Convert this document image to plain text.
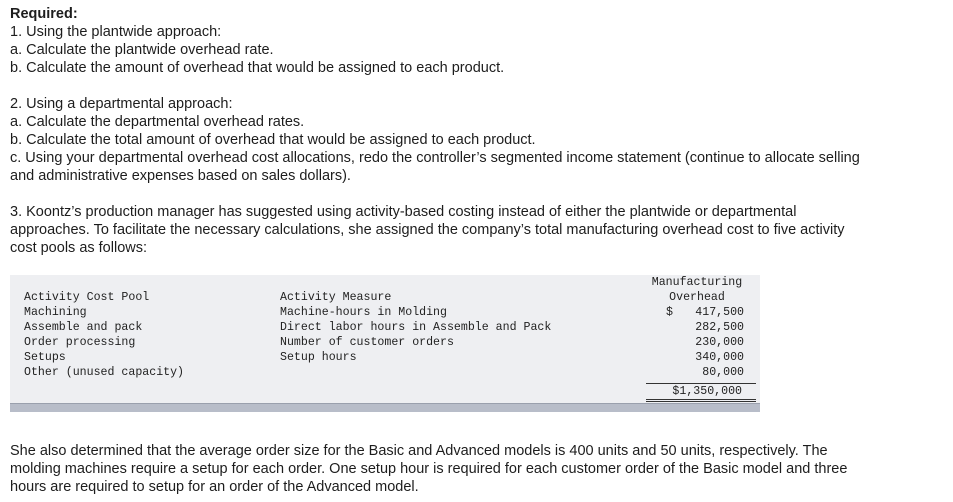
Required:
1. Using the plantwide approach:
a. Calculate the plantwide overhead rate.
b. Calculate the amount of overhead that would be assigned to each product.
2. Using a departmental approach:
a. Calculate the departmental overhead rates.
b. Calculate the total amount of overhead that would be assigned to each product.
c. Using your departmental overhead cost allocations, redo the controller’s segmented income statement (continue to allocate selling
and administrative expenses based on sales dollars).
3. Koontz’s production manager has suggested using activity-based costing instead of either the plantwide or departmental
approaches. To facilitate the necessary calculations, she assigned the company’s total manufacturing overhead cost to five activity
cost pools as follows:
Activity Cost Pool
Machining
Assemble and pack
Order processing
Setups
Other (unused capacity)
Activity Measure
Machine-hours in Molding
Direct labor hours in Assemble and Pack
Number of customer orders
Setup hours
Manufacturing
Overhead
$ 417,500
282,500
230,000
340,000
80,000
$1,350,000
She also determined that the average order size for the Basic and Advanced models is 400 units and 50 units, respectively. The
molding machines require a setup for each order. One setup hour is required for each customer order of the Basic model and three
hours are required to setup for an order of the Advanced model.
